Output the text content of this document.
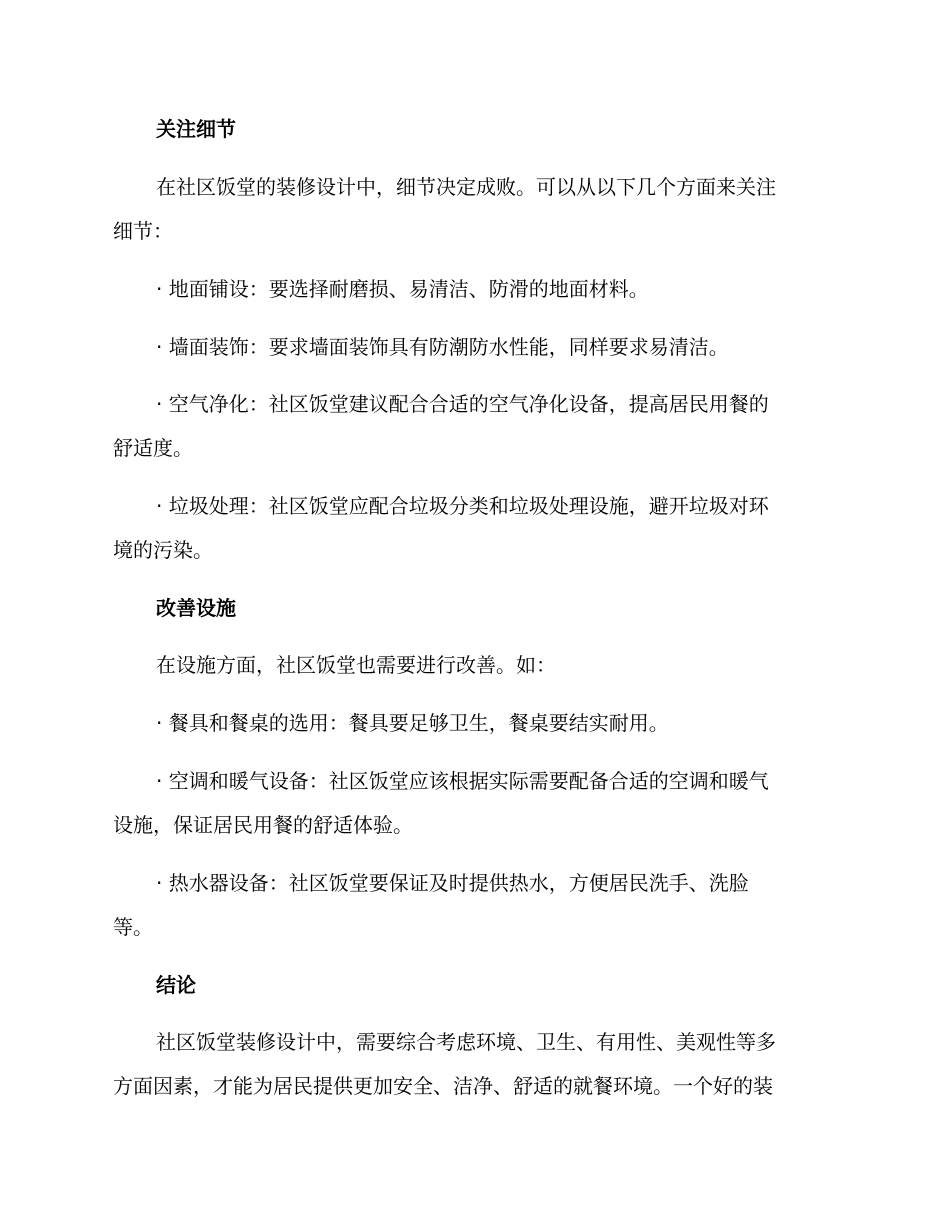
关注细节

在社区饭堂的装修设计中，细节决定成败。可以从以下几个方面来关注

细节：

· 地面铺设：要选择耐磨损、易清洁、防滑的地面材料。

· 墙面装饰：要求墙面装饰具有防潮防水性能，同样要求易清洁。

· 空气净化：社区饭堂建议配合合适的空气净化设备，提高居民用餐的

舒适度。

· 垃圾处理：社区饭堂应配合垃圾分类和垃圾处理设施，避开垃圾对环

境的污染。

改善设施

在设施方面，社区饭堂也需要进行改善。如：

· 餐具和餐桌的选用：餐具要足够卫生，餐桌要结实耐用。

· 空调和暖气设备：社区饭堂应该根据实际需要配备合适的空调和暖气

设施，保证居民用餐的舒适体验。

· 热水器设备：社区饭堂要保证及时提供热水，方便居民洗手、洗脸

等。

结论

社区饭堂装修设计中，需要综合考虑环境、卫生、有用性、美观性等多

方面因素，才能为居民提供更加安全、洁净、舒适的就餐环境。一个好的装
